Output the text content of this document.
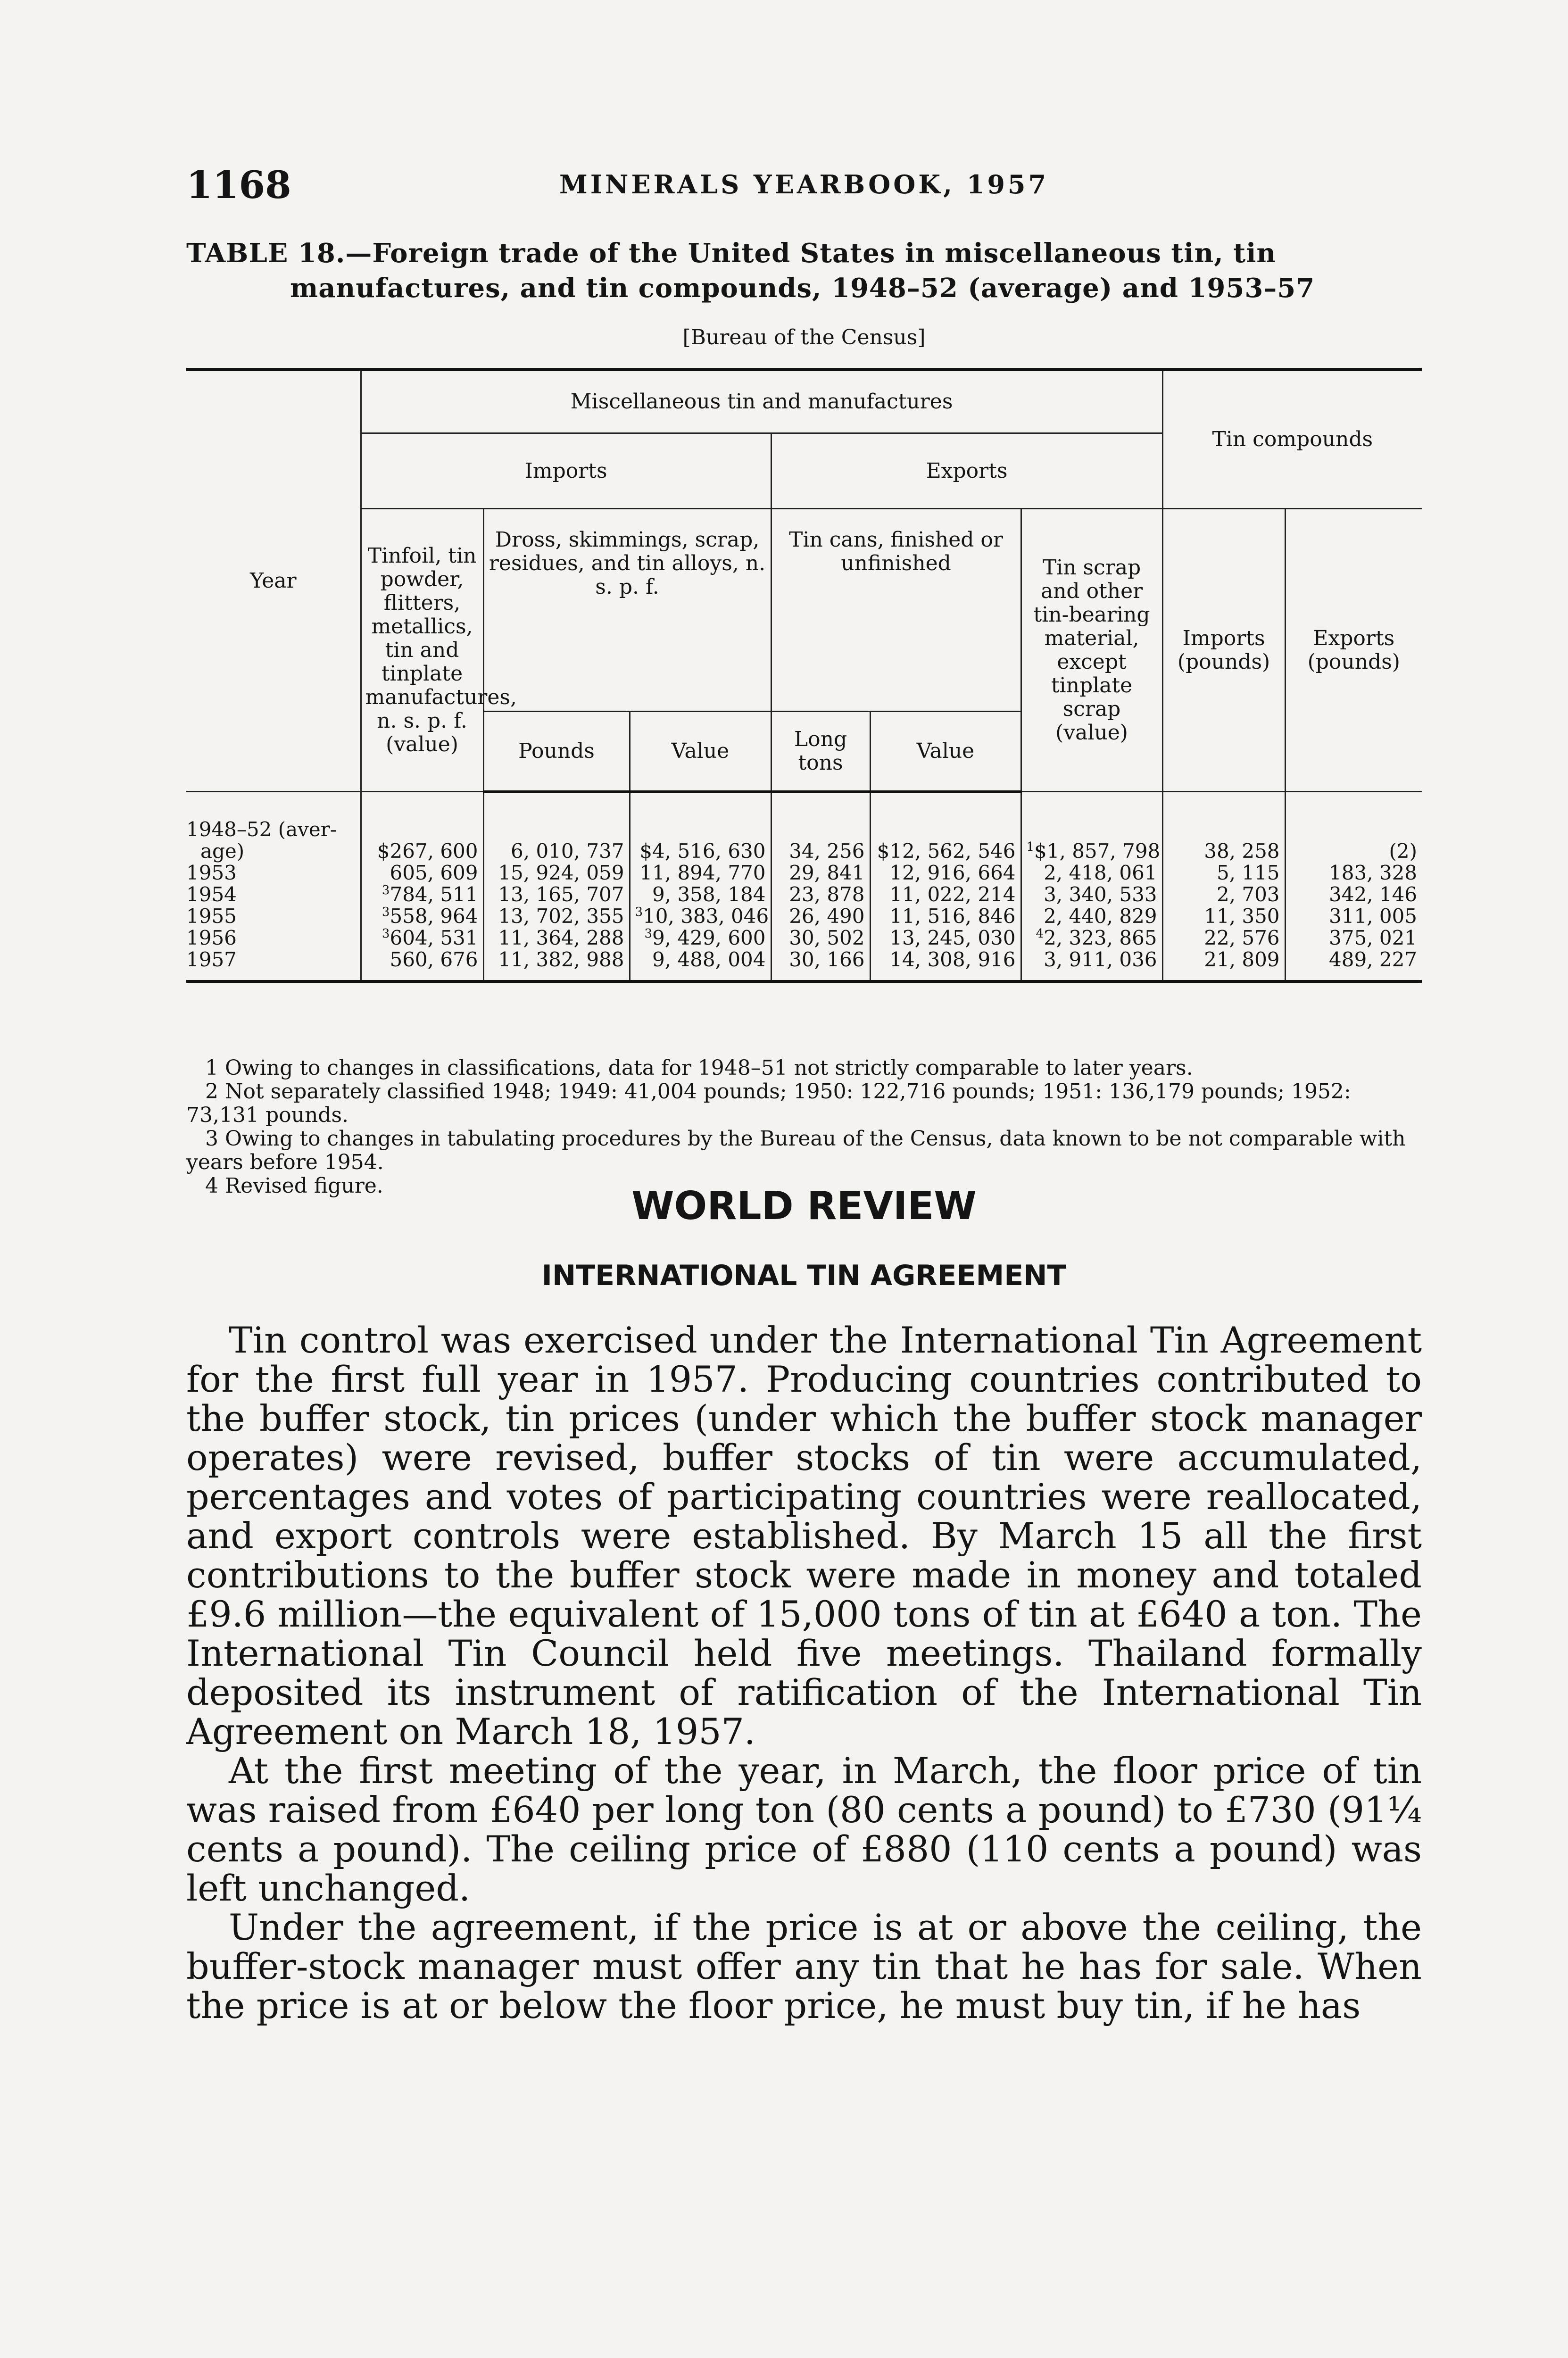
1168	MINERALS YEARBOOK, 1957
TABLE 18.—Foreign trade of the United States in miscellaneous tin, tin
manufactures, and tin compounds, 1948–52 (average) and 1953–57
[Bureau of the Census]
Year	Miscellaneous tin and manufactures						Tin compounds	
	Imports			Exports				
	Tinfoil, tin powder, flitters, metallics, tin and tinplate manufactures, n. s. p. f. (value)	Dross, skimmings, scrap, residues, and tin alloys, n. s. p. f.		Tin cans, finished or unfinished		Tin scrap and other tin-bearing material, except tinplate scrap (value)	Imports (pounds)	Exports (pounds)
		Pounds	Value	Long tons	Value			
1948–52 (aver-
age)	$267, 600	6, 010, 737	$4, 516, 630	34, 256	$12, 562, 546	$^1$\$1, 857, 798	38, 258	(2)
1953	605, 609	15, 924, 059	11, 894, 770	29, 841	12, 916, 664	2, 418, 061	5, 115	183, 328
1954	$^3$784, 511	13, 165, 707	9, 358, 184	23, 878	11, 022, 214	3, 340, 533	2, 703	342, 146
1955	$^3$558, 964	13, 702, 355	$^3$10, 383, 046	26, 490	11, 516, 846	2, 440, 829	11, 350	311, 005
1956	$^3$604, 531	11, 364, 288	$^3$9, 429, 600	30, 502	13, 245, 030	$^4$2, 323, 865	22, 576	375, 021
1957	560, 676	11, 382, 988	9, 488, 004	30, 166	14, 308, 916	3, 911, 036	21, 809	489, 227
1 Owing to changes in classifications, data for 1948–51 not strictly comparable to later years.
2 Not separately classified 1948; 1949: 41,004 pounds; 1950: 122,716 pounds; 1951: 136,179 pounds; 1952: 73,131 pounds.
3 Owing to changes in tabulating procedures by the Bureau of the Census, data known to be not comparable with years before 1954.
4 Revised figure.	WORLD REVIEW
INTERNATIONAL TIN AGREEMENT

Tin control was exercised under the International Tin Agreement for the first full year in 1957. Producing countries contributed to the buffer stock, tin prices (under which the buffer stock manager operates) were revised, buffer stocks of tin were accumulated, percentages and votes of participating countries were reallocated, and export controls were established. By March 15 all the first contributions to the buffer stock were made in money and totaled £9.6 million—the equivalent of 15,000 tons of tin at £640 a ton. The International Tin Council held five meetings. Thailand formally deposited its instrument of ratification of the International Tin Agreement on March 18, 1957.

At the first meeting of the year, in March, the floor price of tin was raised from £640 per long ton (80 cents a pound) to £730 (91¼ cents a pound). The ceiling price of £880 (110 cents a pound) was left unchanged.

Under the agreement, if the price is at or above the ceiling, the buffer-stock manager must offer any tin that he has for sale. When the price is at or below the floor price, he must buy tin, if he has
